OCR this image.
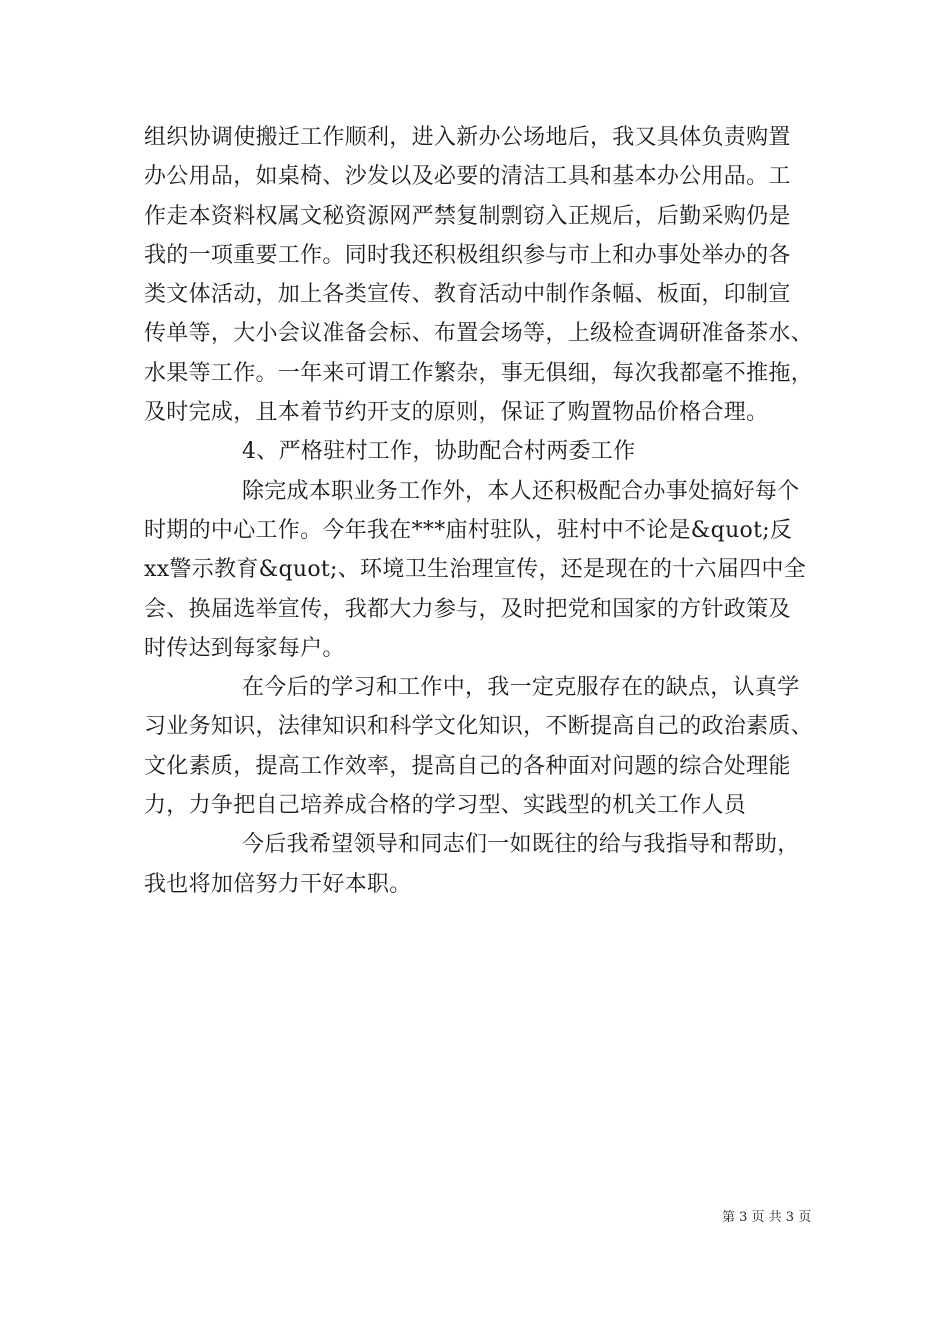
组织协调使搬迁工作顺利，进入新办公场地后，我又具体负责购置
办公用品，如桌椅、沙发以及必要的清洁工具和基本办公用品。工
作走本资料权属文秘资源网严禁复制剽窃入正规后，后勤采购仍是
我的一项重要工作。同时我还积极组织参与市上和办事处举办的各
类文体活动，加上各类宣传、教育活动中制作条幅、板面，印制宣
传单等，大小会议准备会标、布置会场等，上级检查调研准备茶水、
水果等工作。一年来可谓工作繁杂，事无俱细，每次我都毫不推拖，
及时完成，且本着节约开支的原则，保证了购置物品价格合理。
4、严格驻村工作，协助配合村两委工作
除完成本职业务工作外，本人还积极配合办事处搞好每个
时期的中心工作。今年我在***庙村驻队，驻村中不论是&quot;反
xx警示教育&quot;、环境卫生治理宣传，还是现在的十六届四中全
会、换届选举宣传，我都大力参与，及时把党和国家的方针政策及
时传达到每家每户。
在今后的学习和工作中，我一定克服存在的缺点，认真学
习业务知识，法律知识和科学文化知识，不断提高自己的政治素质、
文化素质，提高工作效率，提高自己的各种面对问题的综合处理能
力，力争把自己培养成合格的学习型、实践型的机关工作人员
今后我希望领导和同志们一如既往的给与我指导和帮助，
我也将加倍努力干好本职。
第 3 页 共 3 页
